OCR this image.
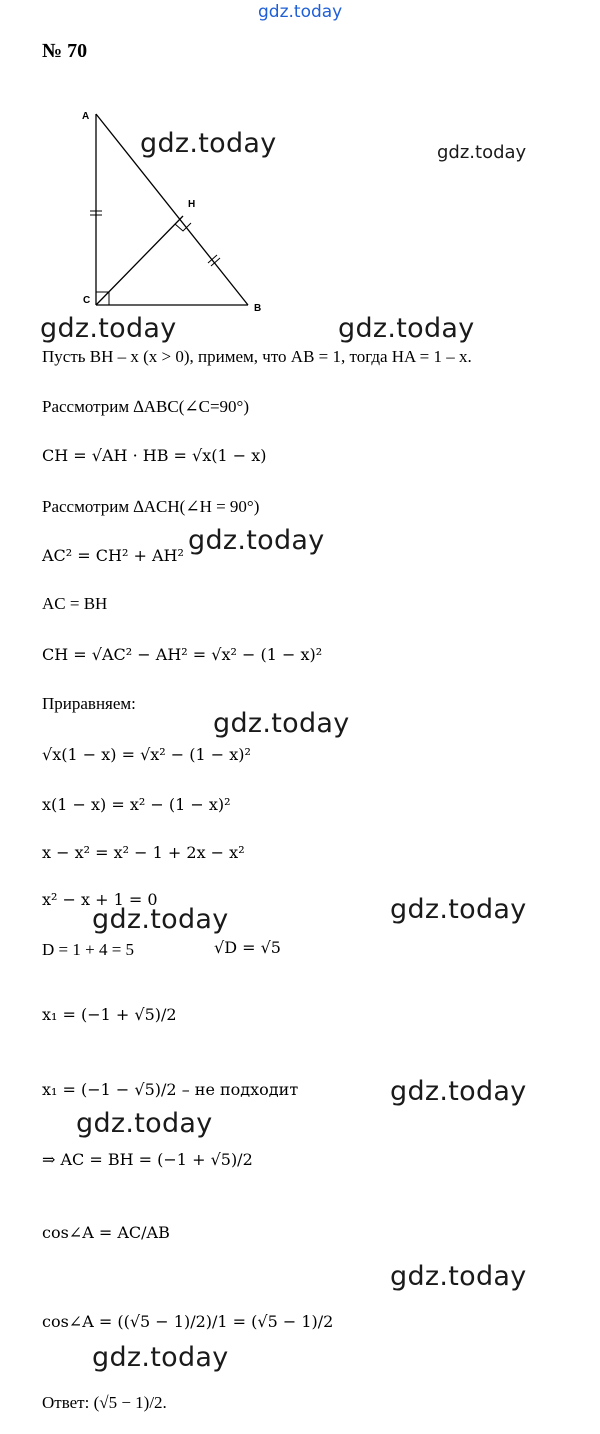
gdz.today
№ 70
A
H
C
B
gdz.today	gdz.today
gdz.today	gdz.today
gdz.today
gdz.today
gdz.today
gdz.today
gdz.today
gdz.today
gdz.today
gdz.today
Пусть BH – x (x > 0), примем, что AB = 1, тогда HA = 1 – x.
Рассмотрим ∆ABC(∠C=90°)
CH = √AH · HB = √x(1 − x)
Рассмотрим ∆ACH(∠H = 90°)
AC² = CH² + AH²
AC = BH
CH = √AC² − AH² = √x² − (1 − x)²
Приравняем:
√x(1 − x) = √x² − (1 − x)²
x(1 − x) = x² − (1 − x)²
x − x² = x² − 1 + 2x − x²
x² − x + 1 = 0
D = 1 + 4 = 5	√D = √5
x₁ = (−1 + √5)/2
x₁ = (−1 − √5)/2 – не подходит
⇒ AC = BH = (−1 + √5)/2
cos∠A = AC/AB
cos∠A = ((√5 − 1)/2)/1 = (√5 − 1)/2
Ответ: (√5 − 1)/2.
